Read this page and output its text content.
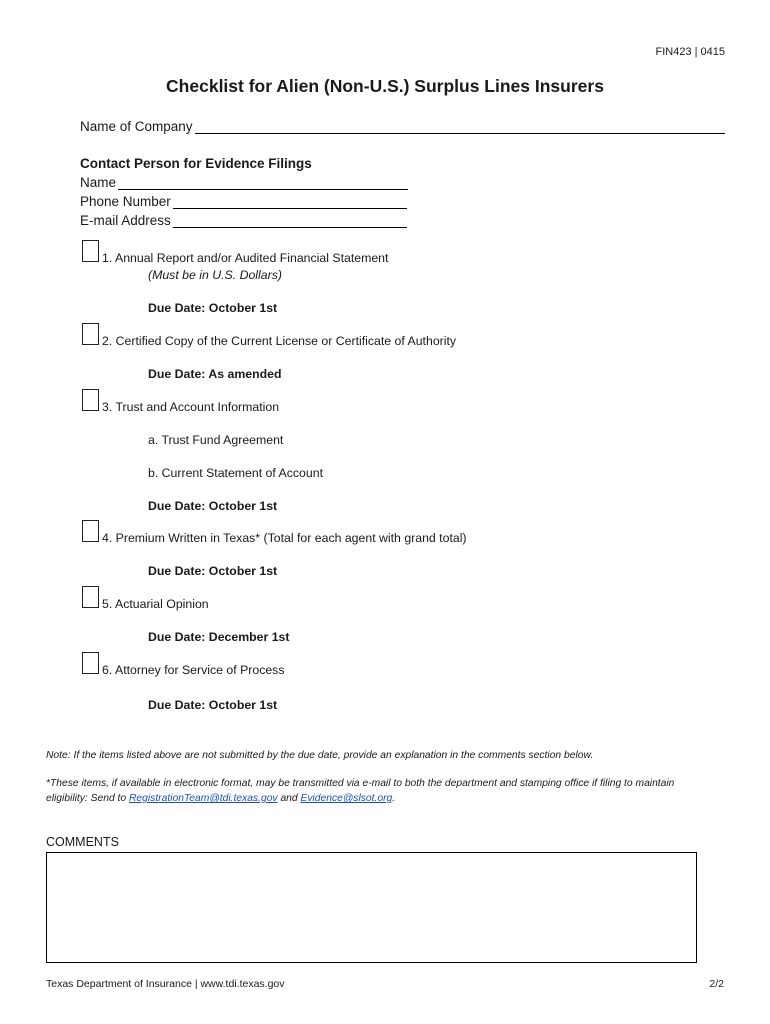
FIN423 | 0415
Checklist for Alien (Non-U.S.) Surplus Lines Insurers
Name of Company
Contact Person for Evidence Filings
Name
Phone Number
E-mail Address
1. Annual Report and/or Audited Financial Statement
(Must be in U.S. Dollars)
Due Date: October 1st
2. Certified Copy of the Current License or Certificate of Authority
Due Date: As amended
3. Trust and Account Information
a. Trust Fund Agreement
b. Current Statement of Account
Due Date: October 1st
4. Premium Written in Texas* (Total for each agent with grand total)
Due Date: October 1st
5. Actuarial Opinion
Due Date: December 1st
6. Attorney for Service of Process
Due Date: October 1st
Note: If the items listed above are not submitted by the due date, provide an explanation in the comments section below.
*These items, if available in electronic format, may be transmitted via e-mail to both the department and stamping office if filing to maintain
eligibility: Send to RegistrationTeam@tdi.texas.gov and Evidence@slsot.org.
COMMENTS
Texas Department of Insurance | www.tdi.texas.gov	2/2
